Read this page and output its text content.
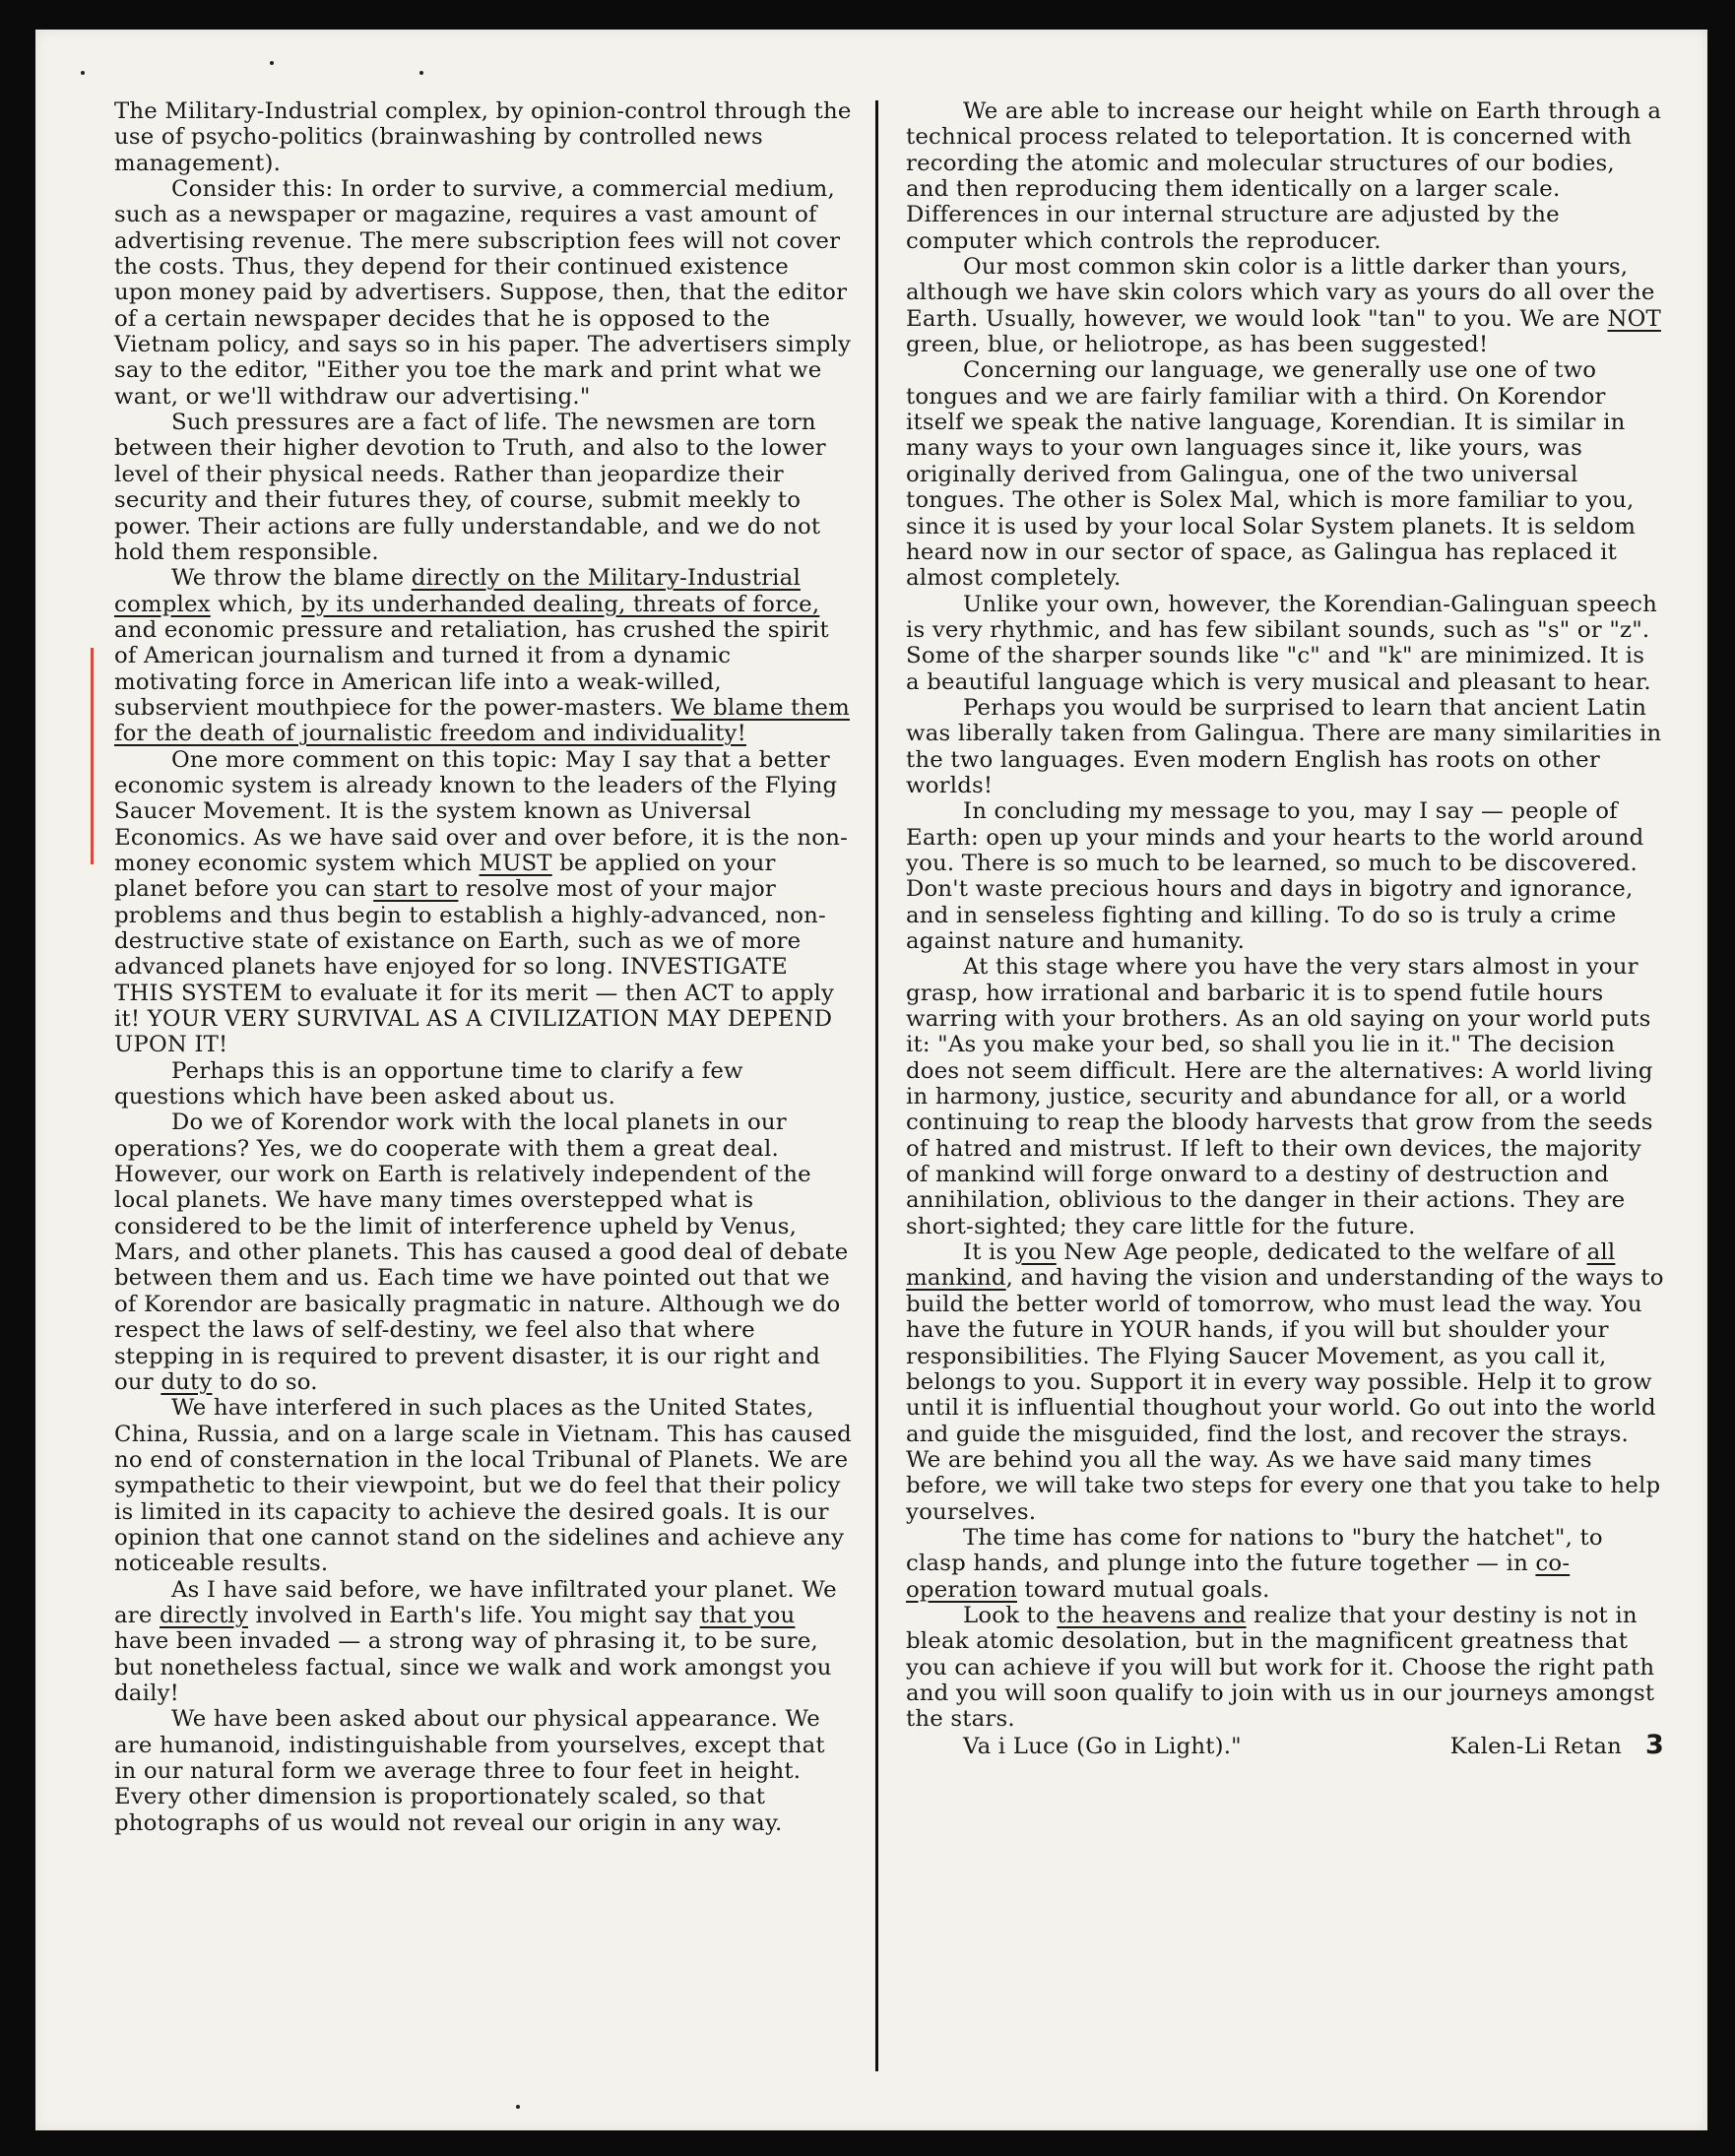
The Military-Industrial complex, by opinion-control through the use of psycho-politics (brainwashing by controlled news management).

Consider this: In order to survive, a commercial medium, such as a newspaper or magazine, requires a vast amount of advertising revenue. The mere subscription fees will not cover the costs. Thus, they depend for their continued existence upon money paid by advertisers. Suppose, then, that the editor of a certain newspaper decides that he is opposed to the Vietnam policy, and says so in his paper. The advertisers simply say to the editor, "Either you toe the mark and print what we want, or we'll withdraw our advertising."

Such pressures are a fact of life. The newsmen are torn between their higher devotion to Truth, and also to the lower level of their physical needs. Rather than jeopardize their security and their futures they, of course, submit meekly to power. Their actions are fully understandable, and we do not hold them responsible.

We throw the blame directly on the Military-Industrial complex which, by its underhanded dealing, threats of force, and economic pressure and retaliation, has crushed the spirit of American journalism and turned it from a dynamic motivating force in American life into a weak-willed, subservient mouthpiece for the power-masters. We blame them for the death of journalistic freedom and individuality!

One more comment on this topic: May I say that a better economic system is already known to the leaders of the Flying Saucer Movement. It is the system known as Universal Economics. As we have said over and over before, it is the non-money economic system which MUST be applied on your planet before you can start to resolve most of your major problems and thus begin to establish a highly-advanced, non-destructive state of existance on Earth, such as we of more advanced planets have enjoyed for so long. INVESTIGATE THIS SYSTEM to evaluate it for its merit — then ACT to apply it! YOUR VERY SURVIVAL AS A CIVILIZATION MAY DEPEND UPON IT!

Perhaps this is an opportune time to clarify a few questions which have been asked about us.

Do we of Korendor work with the local planets in our operations? Yes, we do cooperate with them a great deal. However, our work on Earth is relatively independent of the local planets. We have many times overstepped what is considered to be the limit of interference upheld by Venus, Mars, and other planets. This has caused a good deal of debate between them and us. Each time we have pointed out that we of Korendor are basically pragmatic in nature. Although we do respect the laws of self-destiny, we feel also that where stepping in is required to prevent disaster, it is our right and our duty to do so.

We have interfered in such places as the United States, China, Russia, and on a large scale in Vietnam. This has caused no end of consternation in the local Tribunal of Planets. We are sympathetic to their viewpoint, but we do feel that their policy is limited in its capacity to achieve the desired goals. It is our opinion that one cannot stand on the sidelines and achieve any noticeable results.

As I have said before, we have infiltrated your planet. We are directly involved in Earth's life. You might say that you have been invaded — a strong way of phrasing it, to be sure, but nonetheless factual, since we walk and work amongst you daily!

We have been asked about our physical appearance. We are humanoid, indistinguishable from yourselves, except that in our natural form we average three to four feet in height. Every other dimension is proportionately scaled, so that photographs of us would not reveal our origin in any way.

We are able to increase our height while on Earth through a technical process related to teleportation. It is concerned with recording the atomic and molecular structures of our bodies, and then reproducing them identically on a larger scale. Differences in our internal structure are adjusted by the computer which controls the reproducer.

Our most common skin color is a little darker than yours, although we have skin colors which vary as yours do all over the Earth. Usually, however, we would look "tan" to you. We are NOT green, blue, or heliotrope, as has been suggested!

Concerning our language, we generally use one of two tongues and we are fairly familiar with a third. On Korendor itself we speak the native language, Korendian. It is similar in many ways to your own languages since it, like yours, was originally derived from Galingua, one of the two universal tongues. The other is Solex Mal, which is more familiar to you, since it is used by your local Solar System planets. It is seldom heard now in our sector of space, as Galingua has replaced it almost completely.

Unlike your own, however, the Korendian-Galinguan speech is very rhythmic, and has few sibilant sounds, such as "s" or "z". Some of the sharper sounds like "c" and "k" are minimized. It is a beautiful language which is very musical and pleasant to hear.

Perhaps you would be surprised to learn that ancient Latin was liberally taken from Galingua. There are many similarities in the two languages. Even modern English has roots on other worlds!

In concluding my message to you, may I say — people of Earth: open up your minds and your hearts to the world around you. There is so much to be learned, so much to be discovered. Don't waste precious hours and days in bigotry and ignorance, and in senseless fighting and killing. To do so is truly a crime against nature and humanity.

At this stage where you have the very stars almost in your grasp, how irrational and barbaric it is to spend futile hours warring with your brothers. As an old saying on your world puts it: "As you make your bed, so shall you lie in it." The decision does not seem difficult. Here are the alternatives: A world living in harmony, justice, security and abundance for all, or a world continuing to reap the bloody harvests that grow from the seeds of hatred and mistrust. If left to their own devices, the majority of mankind will forge onward to a destiny of destruction and annihilation, oblivious to the danger in their actions. They are short-sighted; they care little for the future.

It is you New Age people, dedicated to the welfare of all mankind, and having the vision and understanding of the ways to build the better world of tomorrow, who must lead the way. You have the future in YOUR hands, if you will but shoulder your responsibilities. The Flying Saucer Movement, as you call it, belongs to you. Support it in every way possible. Help it to grow until it is influential thoughout your world. Go out into the world and guide the misguided, find the lost, and recover the strays. We are behind you all the way. As we have said many times before, we will take two steps for every one that you take to help yourselves.

The time has come for nations to "bury the hatchet", to clasp hands, and plunge into the future together — in co-operation toward mutual goals.

Look to the heavens and realize that your destiny is not in bleak atomic desolation, but in the magnificent greatness that you can achieve if you will but work for it. Choose the right path and you will soon qualify to join with us in our journeys amongst the stars.

Va i Luce (Go in Light)."	Kalen-Li Retan 3
